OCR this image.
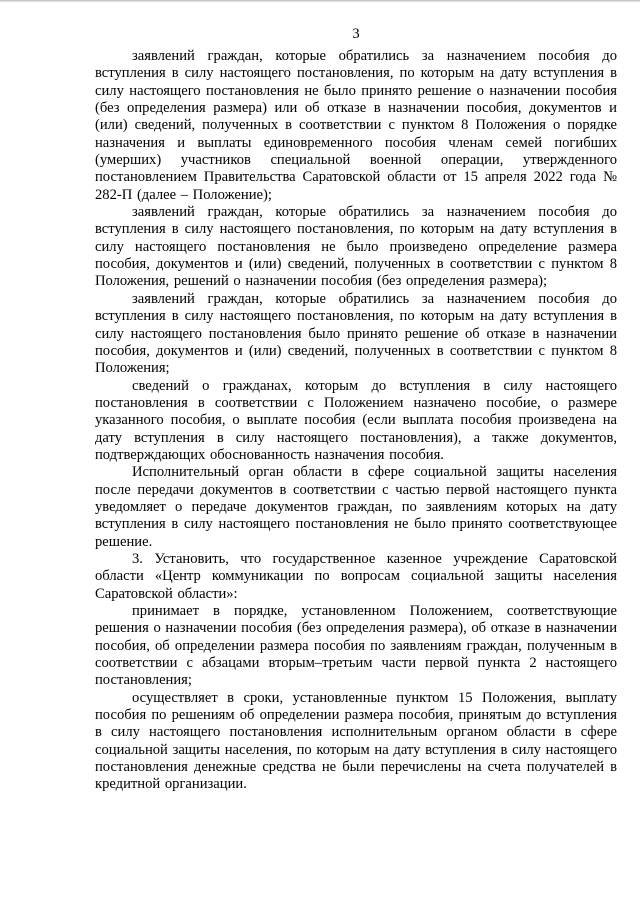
3

заявлений граждан, которые обратились за назначением пособия до вступления в силу настоящего постановления, по которым на дату вступления в силу настоящего постановления не было принято решение о назначении пособия (без определения размера) или об отказе в назначении пособия, документов и (или) сведений, полученных в соответствии с пунктом 8 Положения о порядке назначения и выплаты единовременного пособия членам семей погибших (умерших) участников специальной военной операции, утвержденного постановлением Правительства Саратовской области от 15 апреля 2022 года № 282-П (далее – Положение);

заявлений граждан, которые обратились за назначением пособия до вступления в силу настоящего постановления, по которым на дату вступления в силу настоящего постановления не было произведено определение размера пособия, документов и (или) сведений, полученных в соответствии с пунктом 8 Положения, решений о назначении пособия (без определения размера);

заявлений граждан, которые обратились за назначением пособия до вступления в силу настоящего постановления, по которым на дату вступления в силу настоящего постановления было принято решение об отказе в назначении пособия, документов и (или) сведений, полученных в соответствии с пунктом 8 Положения;

сведений о гражданах, которым до вступления в силу настоящего постановления в соответствии с Положением назначено пособие, о размере указанного пособия, о выплате пособия (если выплата пособия произведена на дату вступления в силу настоящего постановления), а также документов, подтверждающих обоснованность назначения пособия.

Исполнительный орган области в сфере социальной защиты населения после передачи документов в соответствии с частью первой настоящего пункта уведомляет о передаче документов граждан, по заявлениям которых на дату вступления в силу настоящего постановления не было принято соответствующее решение.

3. Установить, что государственное казенное учреждение Саратовской области «Центр коммуникации по вопросам социальной защиты населения Саратовской области»:

принимает в порядке, установленном Положением, соответствующие решения о назначении пособия (без определения размера), об отказе в назначении пособия, об определении размера пособия по заявлениям граждан, полученным в соответствии с абзацами вторым–третьим части первой пункта 2 настоящего постановления;

осуществляет в сроки, установленные пунктом 15 Положения, выплату пособия по решениям об определении размера пособия, принятым до вступления в силу настоящего постановления исполнительным органом области в сфере социальной защиты населения, по которым на дату вступления в силу настоящего постановления денежные средства не были перечислены на счета получателей в кредитной организации.
